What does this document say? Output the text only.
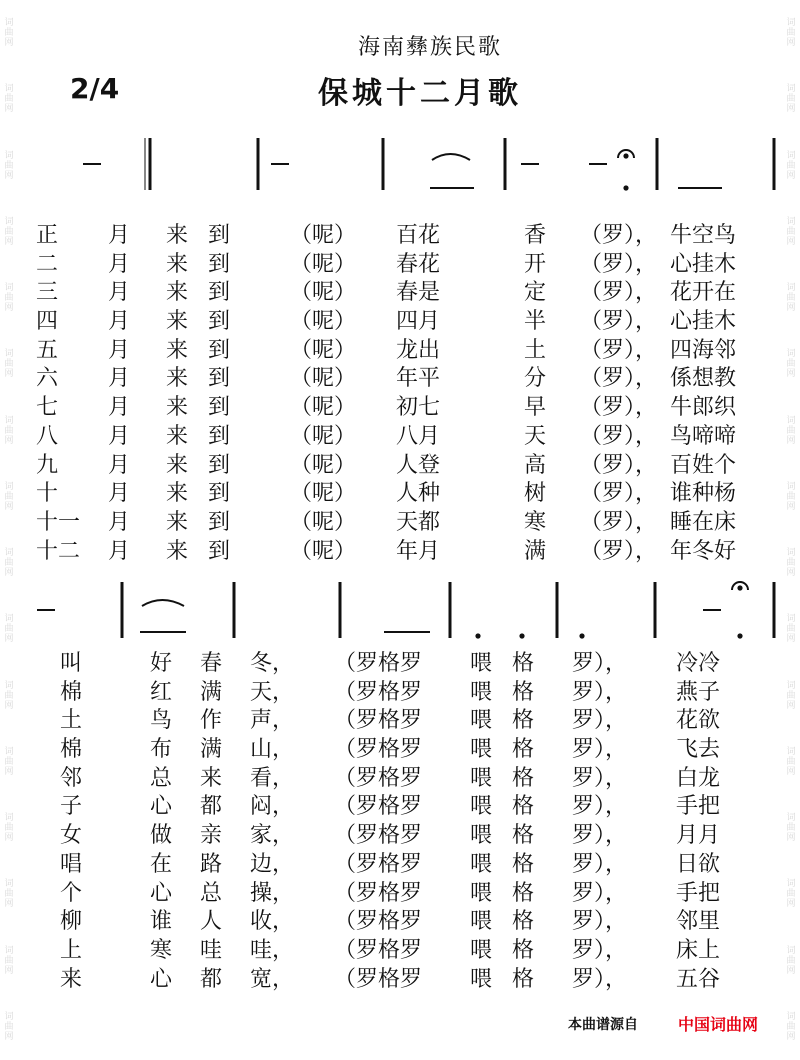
词
曲
网
词
曲
网
词
曲
网
词
曲
网
词
曲
网
词
曲
网
词
曲
网
词
曲
网
词
曲
网
词
曲
网
词
曲
网
词
曲
网
词
曲
网
词
曲
网
词
曲
网
词
曲
网
词
曲
网
词
曲
网
词
曲
网
词
曲
网
词
曲
网
词
曲
网
词
曲
网
词
曲
网
词
曲
网
词
曲
网
词
曲
网
词
曲
网
词
曲
网
词
曲
网
词
曲
网
词
曲
网
海南彝族民歌
保城十二月歌
2/4
正 月 来 到	（呢） 百花	香 （罗）， 牛空鸟
二 月 来 到	（呢） 春花	开 （罗）， 心挂木
三 月 来 到	（呢） 春是	定 （罗）， 花开在
四 月 来 到	（呢） 四月	半 （罗）， 心挂木
五 月 来 到	（呢） 龙出	土 （罗）， 四海邻
六 月 来 到	（呢） 年平	分 （罗）， 係想教
七 月 来 到	（呢） 初七	早 （罗）， 牛郎织
八 月 来 到	（呢） 八月	天 （罗）， 鸟啼啼
九 月 来 到	（呢） 人登	高 （罗）， 百姓个
十 月 来 到	（呢） 人种	树 （罗）， 谁种杨
十一 月 来 到	（呢） 天都	寒 （罗）， 睡在床
十二 月 来 到	（呢） 年月	满 （罗）， 年冬好
叫	好 春 冬， （罗格罗 喂 格 罗）， 冷冷
棉	红 满 天， （罗格罗 喂 格 罗）， 燕子
土	鸟 作 声， （罗格罗 喂 格 罗）， 花欲
棉	布 满 山， （罗格罗 喂 格 罗）， 飞去
邻	总 来 看， （罗格罗 喂 格 罗）， 白龙
子	心 都 闷， （罗格罗 喂 格 罗）， 手把
女	做 亲 家， （罗格罗 喂 格 罗）， 月月
唱	在 路 边， （罗格罗 喂 格 罗）， 日欲
个	心 总 操， （罗格罗 喂 格 罗）， 手把
柳	谁 人 收， （罗格罗 喂 格 罗）， 邻里
上	寒 哇 哇， （罗格罗 喂 格 罗）， 床上
来	心 都 宽， （罗格罗 喂 格 罗）， 五谷
本曲谱源自	中国词曲网
